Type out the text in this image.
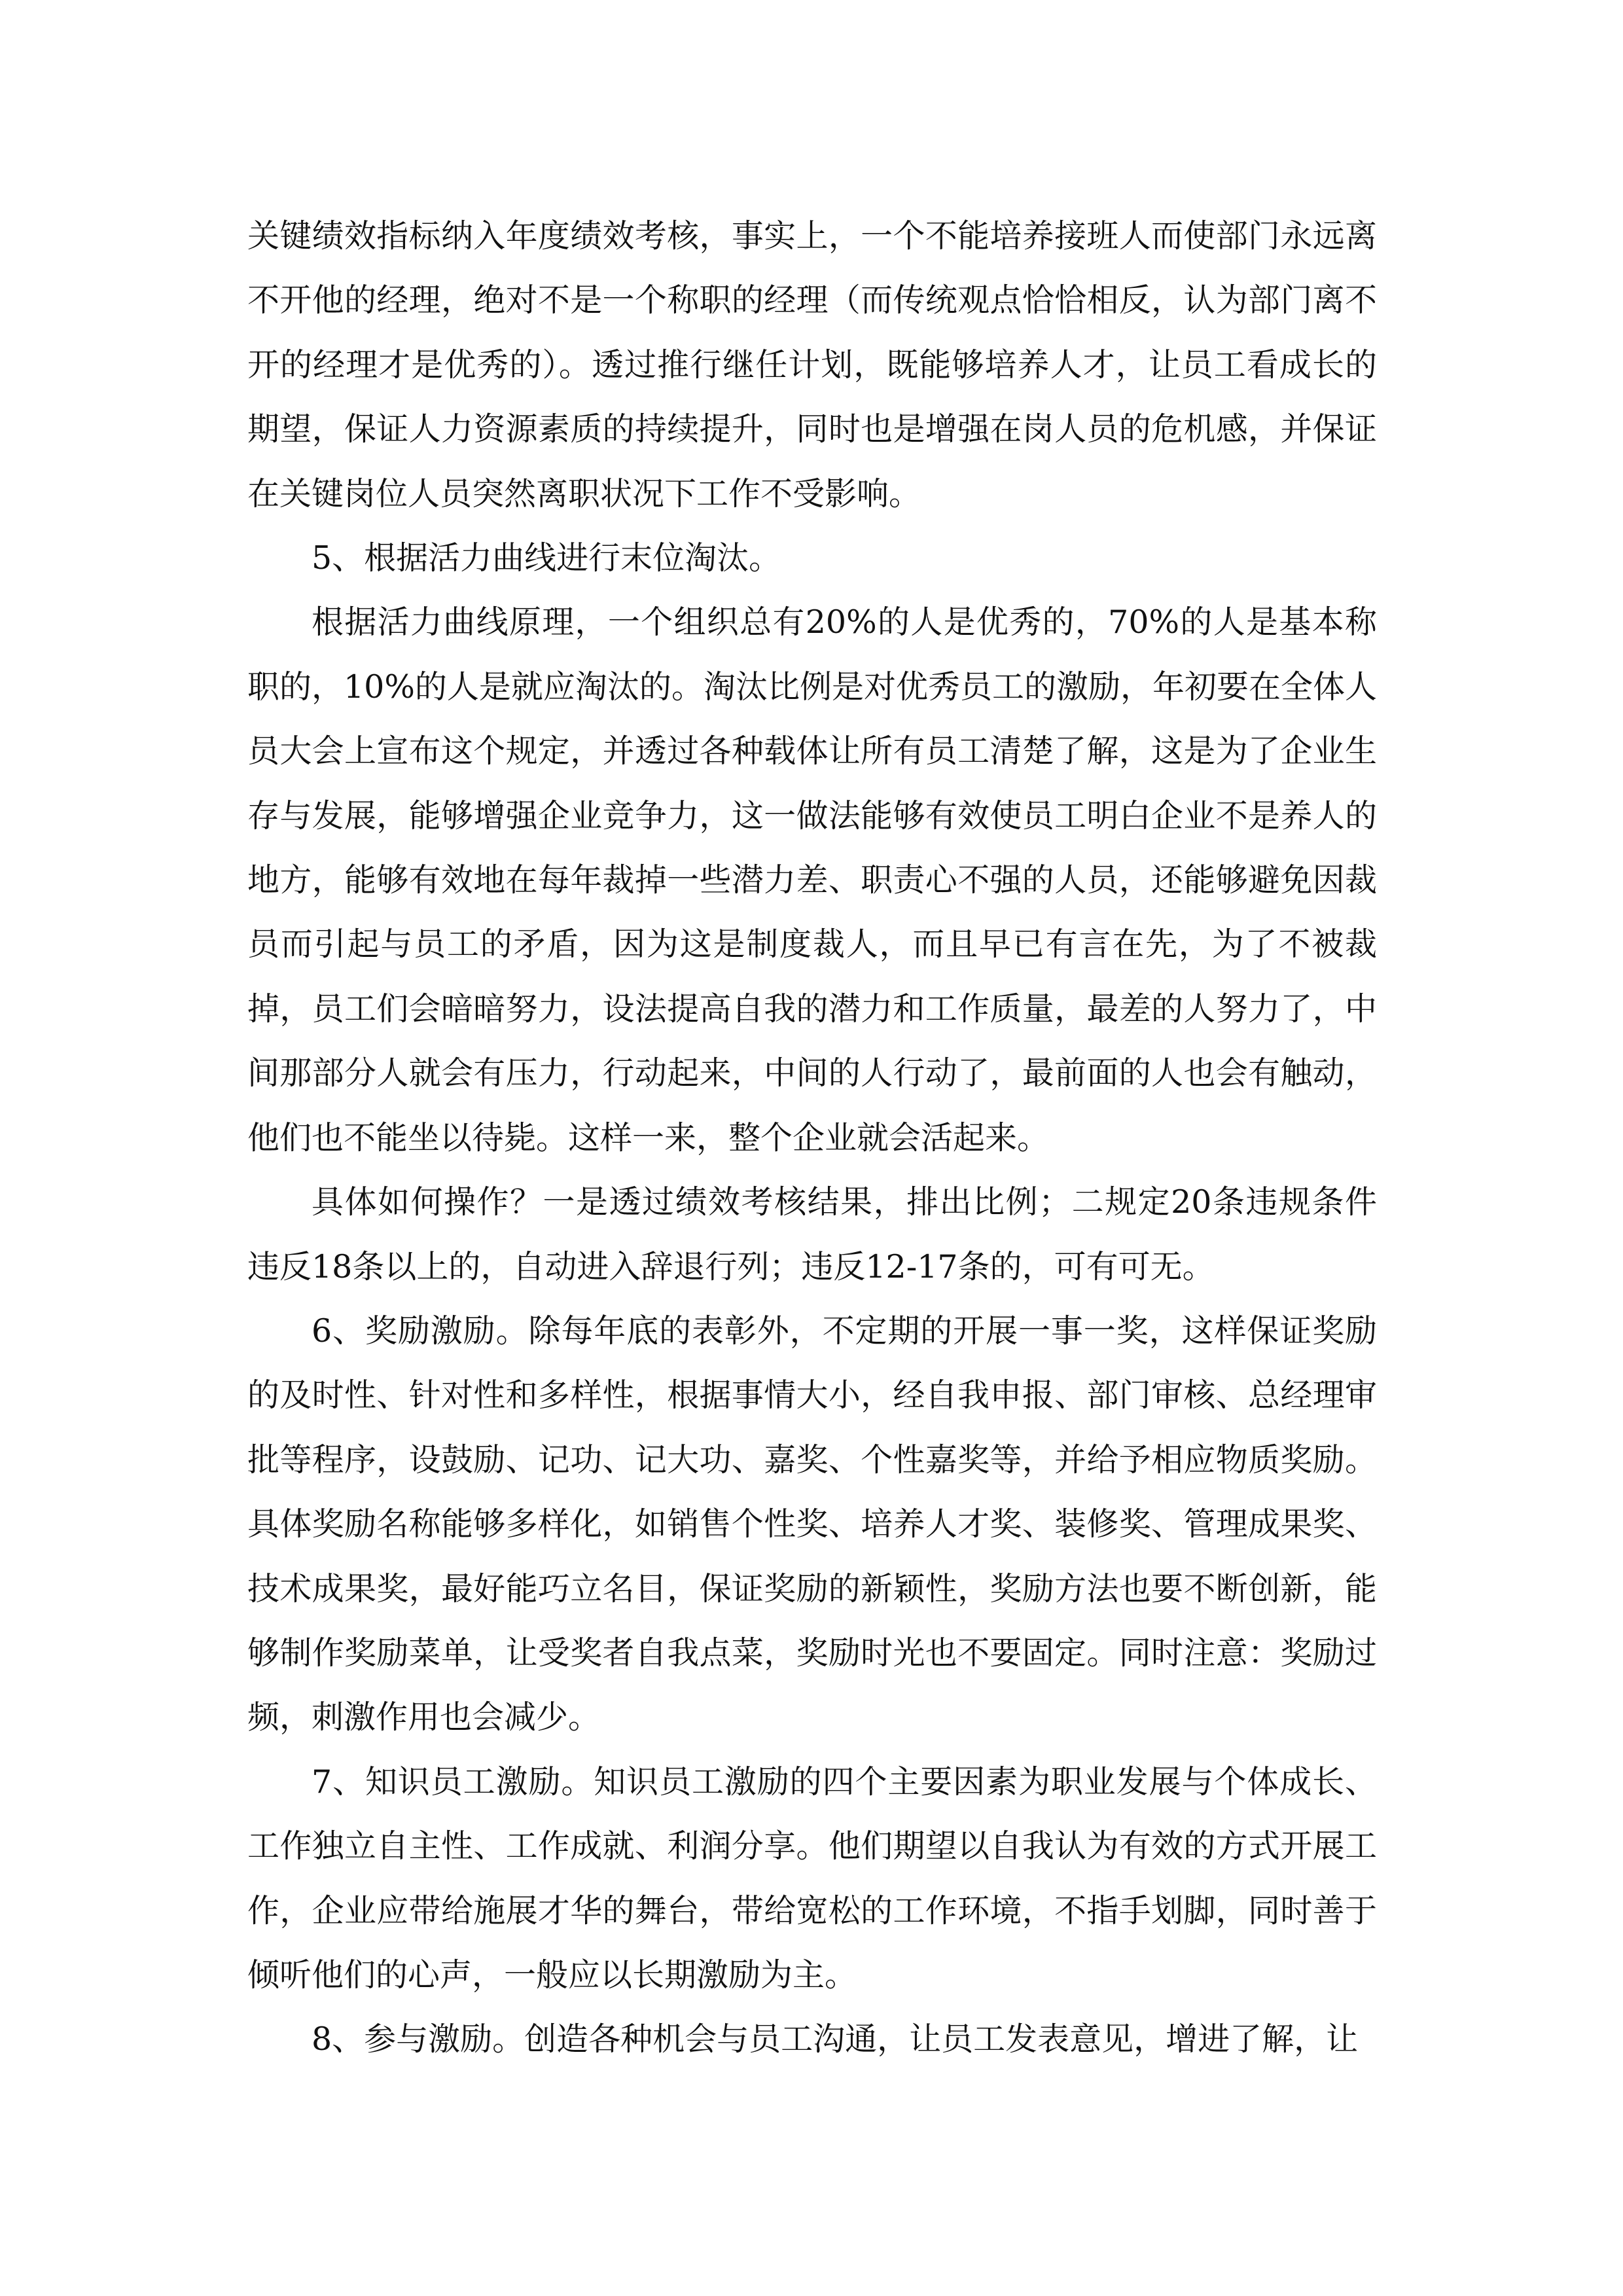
关键绩效指标纳入年度绩效考核，事实上，一个不能培养接班人而使部门永远离不开他的经理，绝对不是一个称职的经理（而传统观点恰恰相反，认为部门离不开的经理才是优秀的）。透过推行继任计划，既能够培养人才，让员工看成长的期望，保证人力资源素质的持续提升，同时也是增强在岗人员的危机感，并保证在关键岗位人员突然离职状况下工作不受影响。

5、根据活力曲线进行末位淘汰。

根据活力曲线原理，一个组织总有20%的人是优秀的，70%的人是基本称职的，10%的人是就应淘汰的。淘汰比例是对优秀员工的激励，年初要在全体人员大会上宣布这个规定，并透过各种载体让所有员工清楚了解，这是为了企业生存与发展，能够增强企业竞争力，这一做法能够有效使员工明白企业不是养人的地方，能够有效地在每年裁掉一些潜力差、职责心不强的人员，还能够避免因裁员而引起与员工的矛盾，因为这是制度裁人，而且早已有言在先，为了不被裁掉，员工们会暗暗努力，设法提高自我的潜力和工作质量，最差的人努力了，中间那部分人就会有压力，行动起来，中间的人行动了，最前面的人也会有触动，他们也不能坐以待毙。这样一来，整个企业就会活起来。

具体如何操作？一是透过绩效考核结果，排出比例；二规定20条违规条件违反18条以上的，自动进入辞退行列；违反12-17条的，可有可无。

6、奖励激励。除每年底的表彰外，不定期的开展一事一奖，这样保证奖励的及时性、针对性和多样性，根据事情大小，经自我申报、部门审核、总经理审批等程序，设鼓励、记功、记大功、嘉奖、个性嘉奖等，并给予相应物质奖励。具体奖励名称能够多样化，如销售个性奖、培养人才奖、装修奖、管理成果奖、技术成果奖，最好能巧立名目，保证奖励的新颖性，奖励方法也要不断创新，能够制作奖励菜单，让受奖者自我点菜，奖励时光也不要固定。同时注意：奖励过频，刺激作用也会减少。

7、知识员工激励。知识员工激励的四个主要因素为职业发展与个体成长、工作独立自主性、工作成就、利润分享。他们期望以自我认为有效的方式开展工作，企业应带给施展才华的舞台，带给宽松的工作环境，不指手划脚，同时善于倾听他们的心声，一般应以长期激励为主。

8、参与激励。创造各种机会与员工沟通，让员工发表意见，增进了解，让
